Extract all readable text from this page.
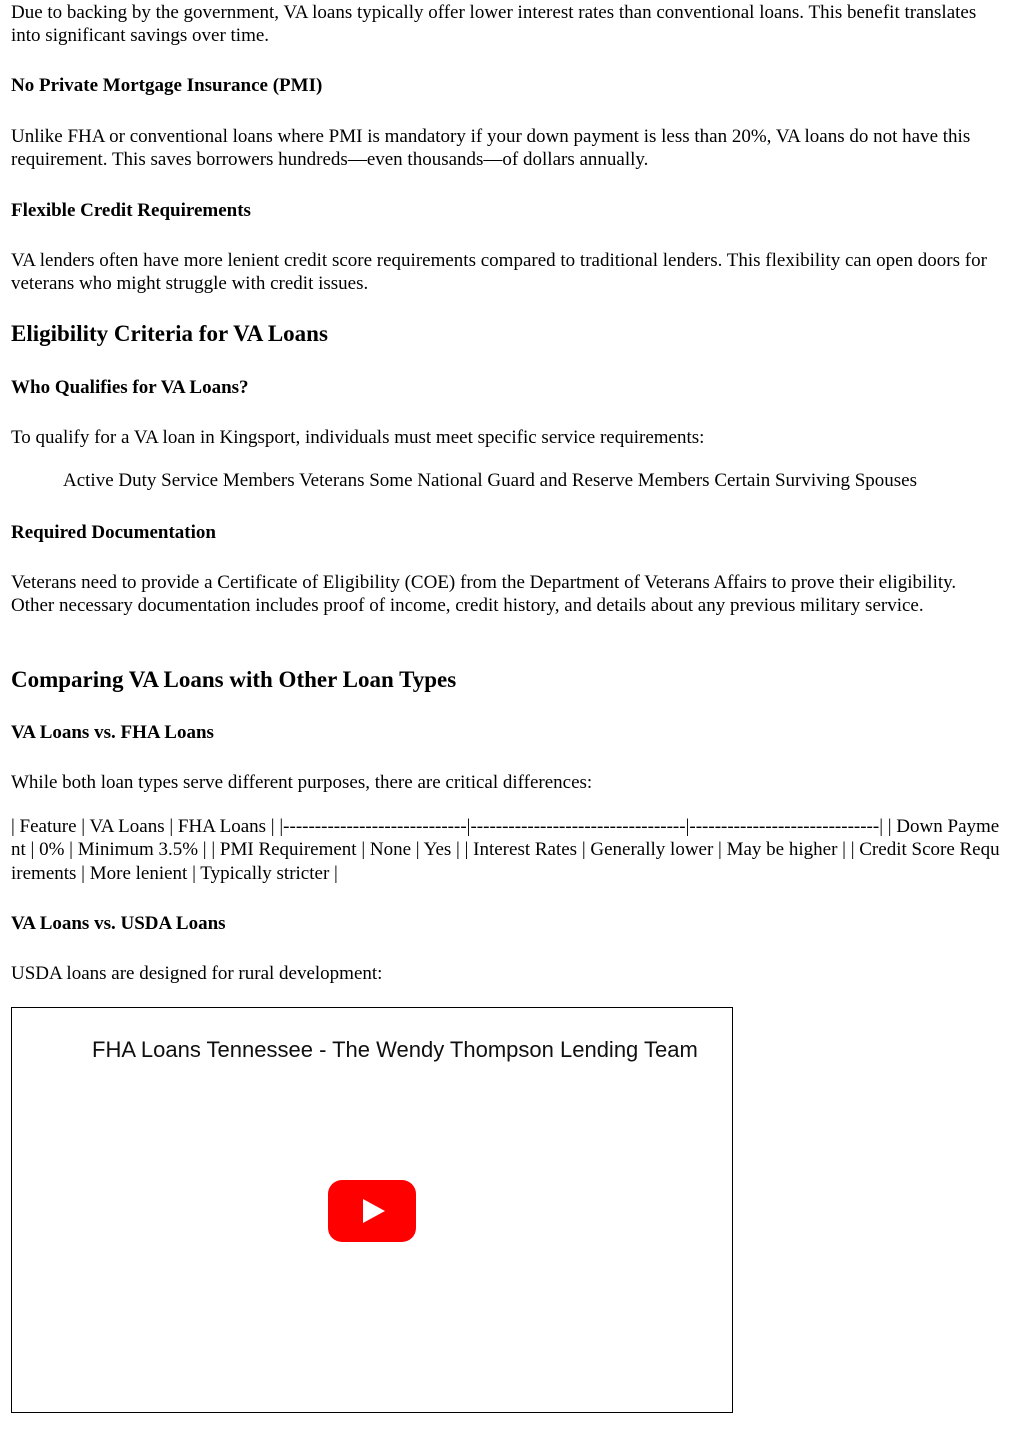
Due to backing by the government, VA loans typically offer lower interest rates than conventional loans. This benefit translates into significant savings over time.

No Private Mortgage Insurance (PMI)

Unlike FHA or conventional loans where PMI is mandatory if your down payment is less than 20%, VA loans do not have this requirement. This saves borrowers hundreds—even thousands—of dollars annually.

Flexible Credit Requirements

VA lenders often have more lenient credit score requirements compared to traditional lenders. This flexibility can open doors for veterans who might struggle with credit issues.

Eligibility Criteria for VA Loans
Who Qualifies for VA Loans?

To qualify for a VA loan in Kingsport, individuals must meet specific service requirements:

Active Duty Service Members Veterans Some National Guard and Reserve Members Certain Surviving Spouses
Required Documentation

Veterans need to provide a Certificate of Eligibility (COE) from the Department of Veterans Affairs to prove their eligibility. Other necessary documentation includes proof of income, credit history, and details about any previous military service.

Comparing VA Loans with Other Loan Types
VA Loans vs. FHA Loans

While both loan types serve different purposes, there are critical differences:

| Feature | VA Loans | FHA Loans | |-----------------------------|----------------------------------|------------------------------| | Down Payment | 0% | Minimum 3.5% | | PMI Requirement | None | Yes | | Interest Rates | Generally lower | May be higher | | Credit Score Requirements | More lenient | Typically stricter |

VA Loans vs. USDA Loans

USDA loans are designed for rural development:

FHA Loans Tennessee - The Wendy Thompson Lending Team
